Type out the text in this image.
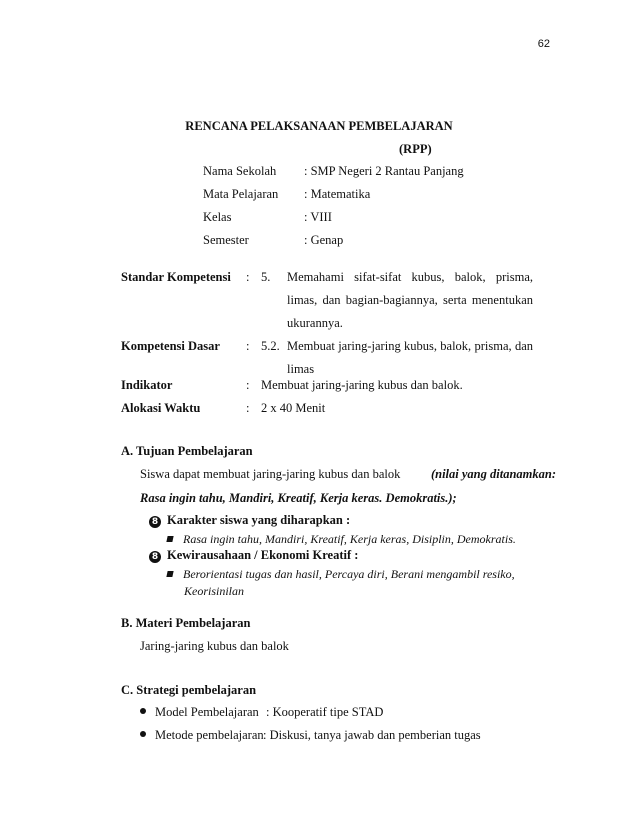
62
RENCANA PELAKSANAAN PEMBELAJARAN
(RPP)
Nama Sekolah : SMP Negeri 2 Rantau Panjang
Mata Pelajaran : Matematika
Kelas	: VIII
Semester	: Genap
Standar Kompetensi : 5. Memahami sifat-sifat kubus, balok, prisma,
limas, dan bagian-bagiannya, serta menentukan
ukurannya.
Kompetensi Dasar : 5.2. Membuat jaring-jaring kubus, balok, prisma, dan
limas
Indikator	: Membuat jaring-jaring kubus dan balok.
Alokasi Waktu	: 2 x 40 Menit
A. Tujuan Pembelajaran
Siswa dapat membuat jaring-jaring kubus dan balok (nilai yang ditanamkan:
Rasa ingin tahu, Mandiri, Kreatif, Kerja keras. Demokratis.);
8 Karakter siswa yang diharapkan :
Rasa ingin tahu, Mandiri, Kreatif, Kerja keras, Disiplin, Demokratis.
8 Kewirausahaan / Ekonomi Kreatif :
Berorientasi tugas dan hasil, Percaya diri, Berani mengambil resiko,
Keorisinilan
B. Materi Pembelajaran
Jaring-jaring kubus dan balok
C. Strategi pembelajaran
Model Pembelajaran : Kooperatif tipe STAD
Metode pembelajaran : Diskusi, tanya jawab dan pemberian tugas
